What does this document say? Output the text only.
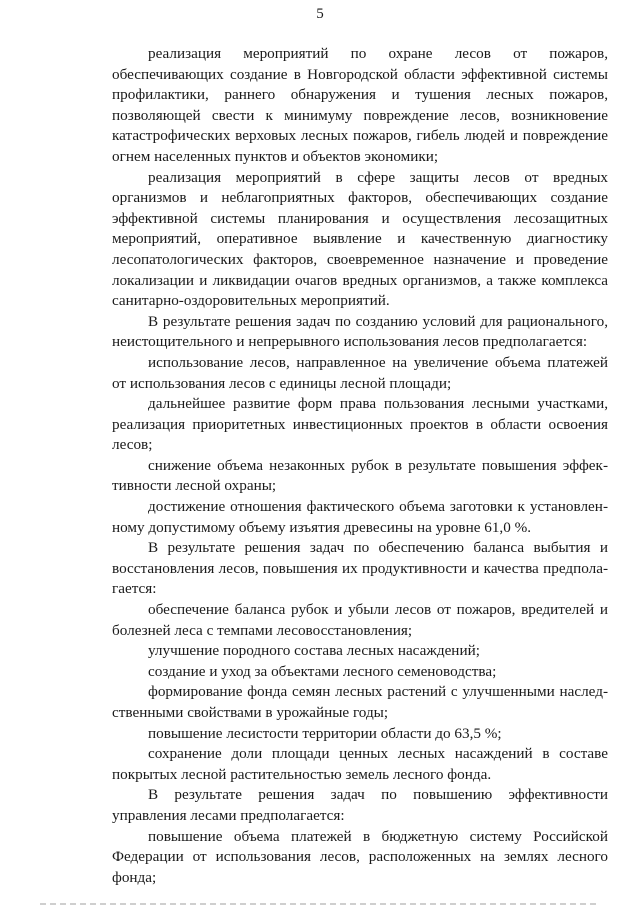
5

реализация мероприятий по охране лесов от пожаров, обеспечивающих создание в Новгородской области эффективной системы профилактики, раннего обнаружения и тушения лесных пожаров, позволяющей свести к минимуму повреждение лесов, возникновение катастрофических верховых лесных пожаров, гибель людей и повреждение огнем населенных пунктов и объектов экономики;

реализация мероприятий в сфере защиты лесов от вредных организмов и неблагоприятных факторов, обеспечивающих создание эффективной системы планирования и осуществления лесозащитных мероприятий, оперативное выявление и качественную диагностику лесопатологических факторов, своевременное назначение и проведение локализации и ликвидации очагов вредных организмов, а также комплекса санитарно-оздоровительных мероприятий.

В результате решения задач по созданию условий для рационального, неистощительного и непрерывного использования лесов предполагается:

использование лесов, направленное на увеличение объема платежей от использования лесов с единицы лесной площади;

дальнейшее развитие форм права пользования лесными участками, реализация приоритетных инвестиционных проектов в области освоения лесов;

снижение объема незаконных рубок в результате повышения эффективности лесной охраны;

достижение отношения фактического объема заготовки к установленному допустимому объему изъятия древесины на уровне 61,0 %.

В результате решения задач по обеспечению баланса выбытия и восстановления лесов, повышения их продуктивности и качества предполагается:

обеспечение баланса рубок и убыли лесов от пожаров, вредителей и болезней леса с темпами лесовосстановления;

улучшение породного состава лесных насаждений;

создание и уход за объектами лесного семеноводства;

формирование фонда семян лесных растений с улучшенными наследственными свойствами в урожайные годы;

повышение лесистости территории области до 63,5 %;

сохранение доли площади ценных лесных насаждений в составе покрытых лесной растительностью земель лесного фонда.

В результате решения задач по повышению эффективности управления лесами предполагается:

повышение объема платежей в бюджетную систему Российской Федерации от использования лесов, расположенных на землях лесного фонда;
